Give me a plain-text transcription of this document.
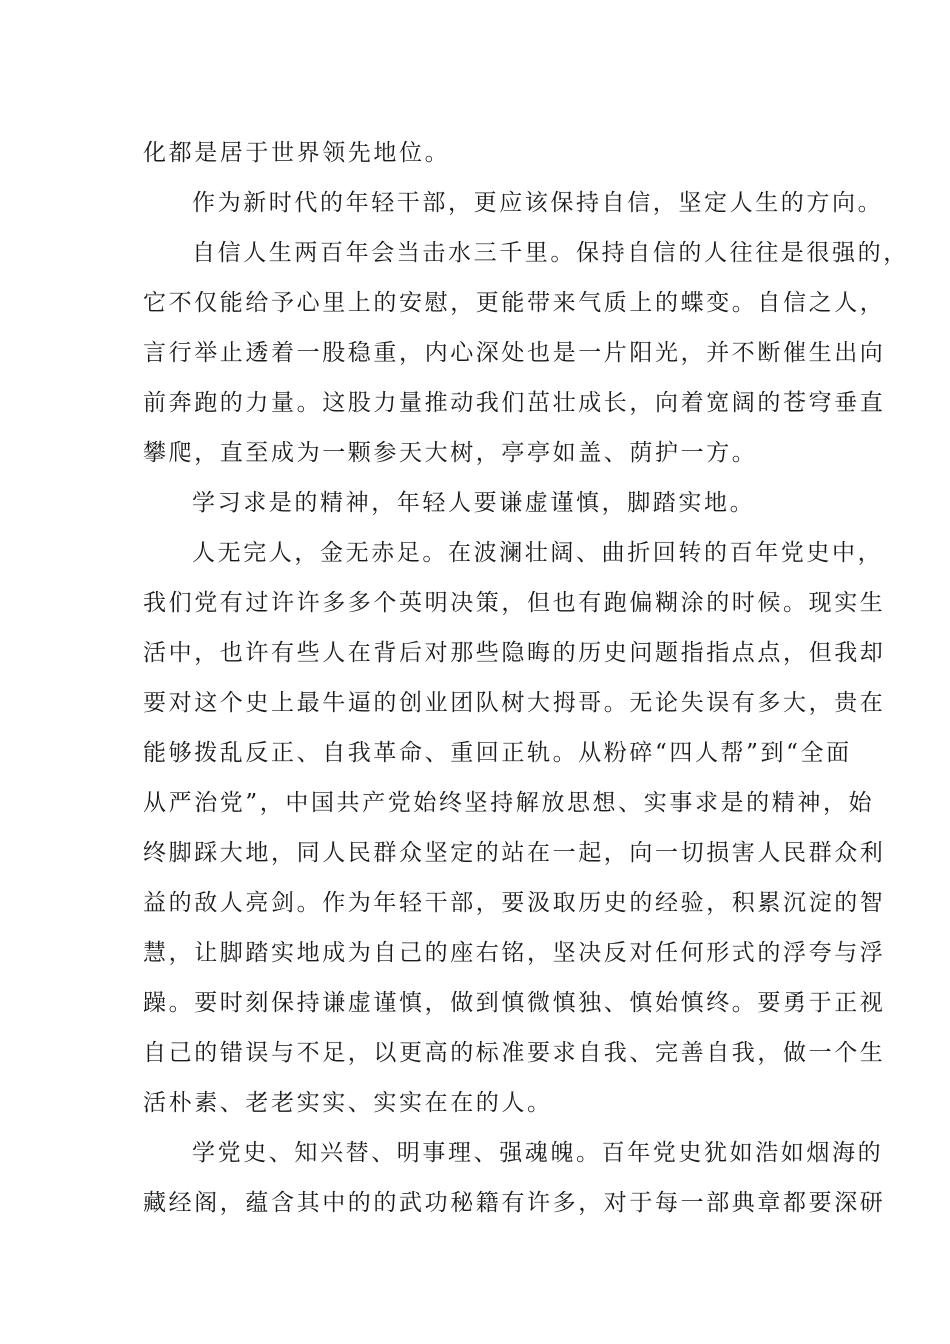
化都是居于世界领先地位。
作为新时代的年轻干部，更应该保持自信，坚定人生的方向。
自信人生两百年会当击水三千里。保持自信的人往往是很强的，
它不仅能给予心里上的安慰，更能带来气质上的蝶变。自信之人，
言行举止透着一股稳重，内心深处也是一片阳光，并不断催生出向
前奔跑的力量。这股力量推动我们茁壮成长，向着宽阔的苍穹垂直
攀爬，直至成为一颗参天大树，亭亭如盖、荫护一方。
学习求是的精神，年轻人要谦虚谨慎，脚踏实地。
人无完人，金无赤足。在波澜壮阔、曲折回转的百年党史中，
我们党有过许许多多个英明决策，但也有跑偏糊涂的时候。现实生
活中，也许有些人在背后对那些隐晦的历史问题指指点点，但我却
要对这个史上最牛逼的创业团队树大拇哥。无论失误有多大，贵在
能够拨乱反正、自我革命、重回正轨。从粉碎“四人帮”到“全面
从严治党”，中国共产党始终坚持解放思想、实事求是的精神，始
终脚踩大地，同人民群众坚定的站在一起，向一切损害人民群众利
益的敌人亮剑。作为年轻干部，要汲取历史的经验，积累沉淀的智
慧，让脚踏实地成为自己的座右铭，坚决反对任何形式的浮夸与浮
躁。要时刻保持谦虚谨慎，做到慎微慎独、慎始慎终。要勇于正视
自己的错误与不足，以更高的标准要求自我、完善自我，做一个生
活朴素、老老实实、实实在在的人。
学党史、知兴替、明事理、强魂魄。百年党史犹如浩如烟海的
藏经阁，蕴含其中的的武功秘籍有许多，对于每一部典章都要深研
